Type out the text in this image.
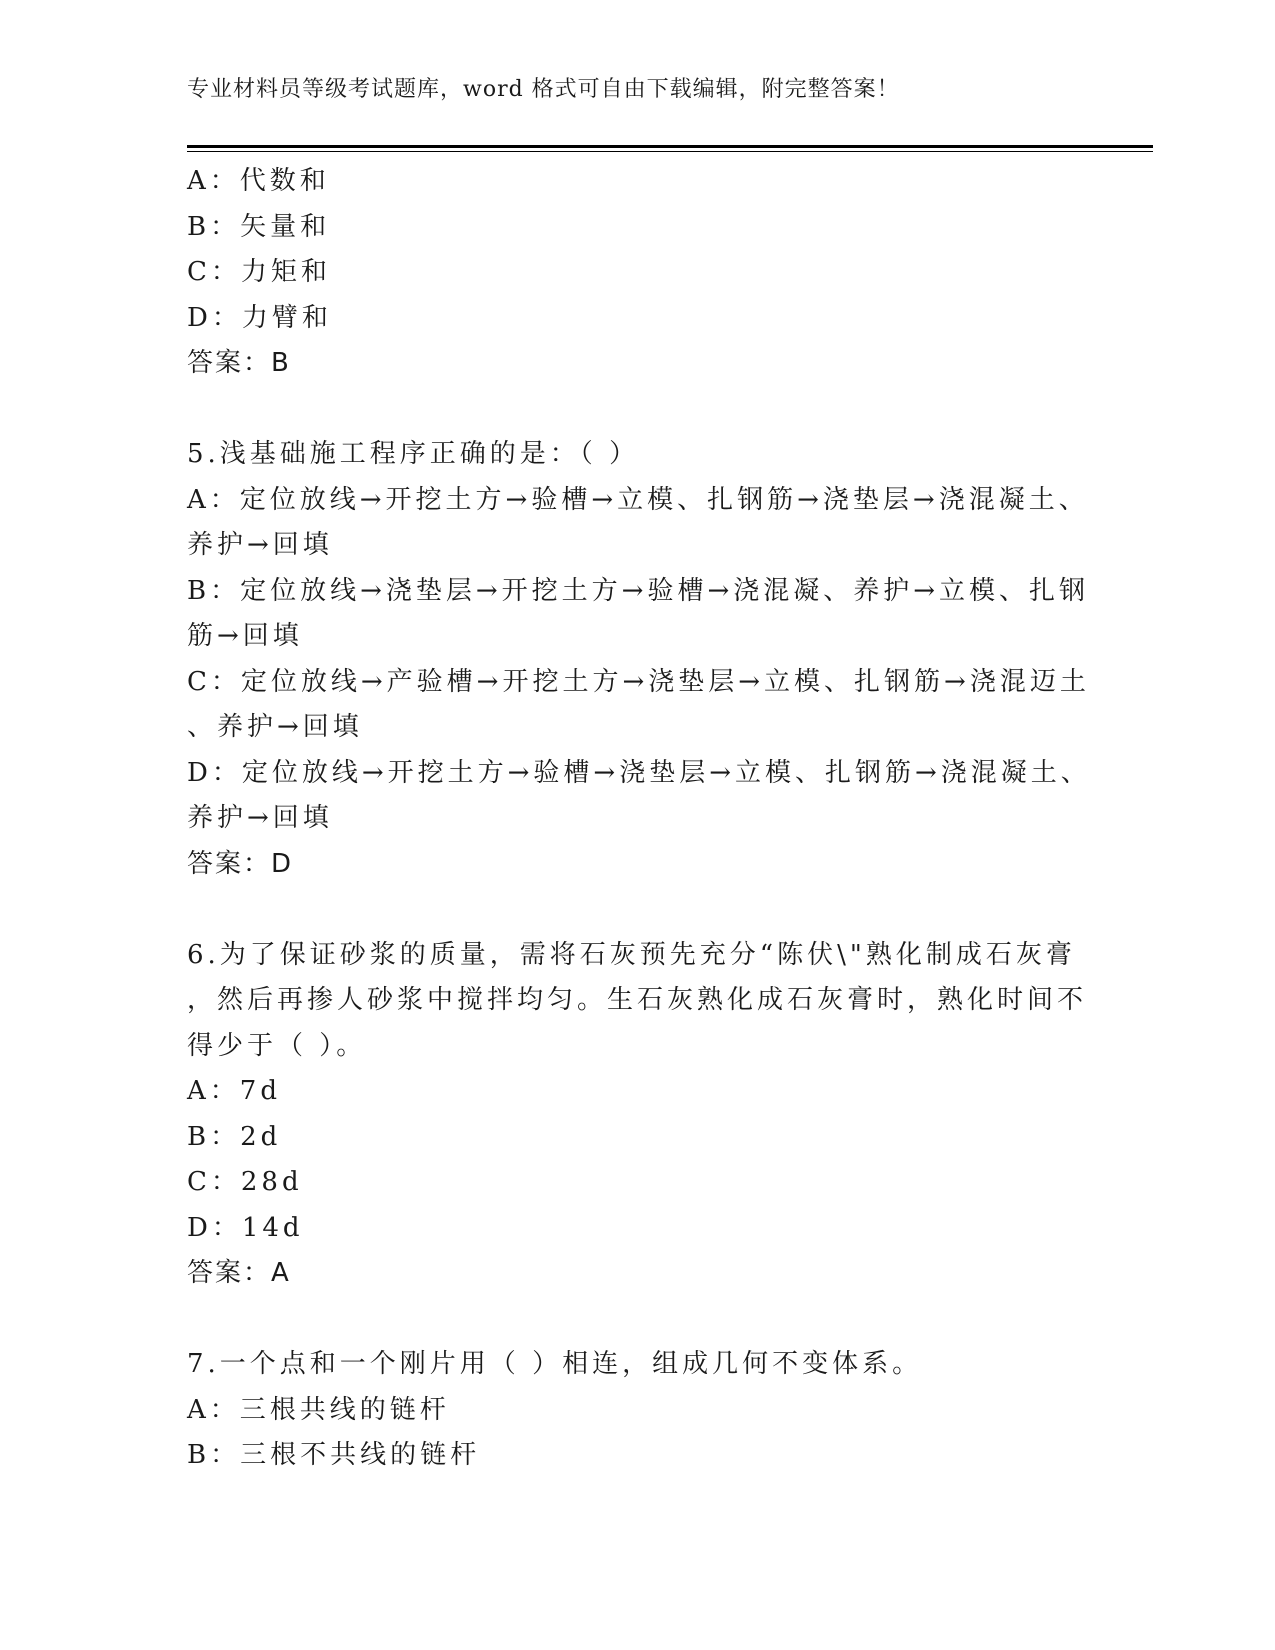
专业材料员等级考试题库，word 格式可自由下载编辑，附完整答案！
A：代数和
B：矢量和
C：力矩和
D：力臂和
答案：B
5.浅基础施工程序正确的是：（ ）
A：定位放线→开挖土方→验槽→立模、扎钢筋→浇垫层→浇混凝土、
养护→回填
B：定位放线→浇垫层→开挖土方→验槽→浇混凝、养护→立模、扎钢
筋→回填
C：定位放线→产验槽→开挖土方→浇垫层→立模、扎钢筋→浇混迈土
、养护→回填
D：定位放线→开挖土方→验槽→浇垫层→立模、扎钢筋→浇混凝土、
养护→回填
答案：D
6.为了保证砂浆的质量，需将石灰预先充分“陈伏\"熟化制成石灰膏
，然后再掺人砂浆中搅拌均匀。生石灰熟化成石灰膏时，熟化时间不
得少于（ ）。
A：7d
B：2d
C：28d
D：14d
答案：A
7.一个点和一个刚片用（ ）相连，组成几何不变体系。
A：三根共线的链杆
B：三根不共线的链杆
